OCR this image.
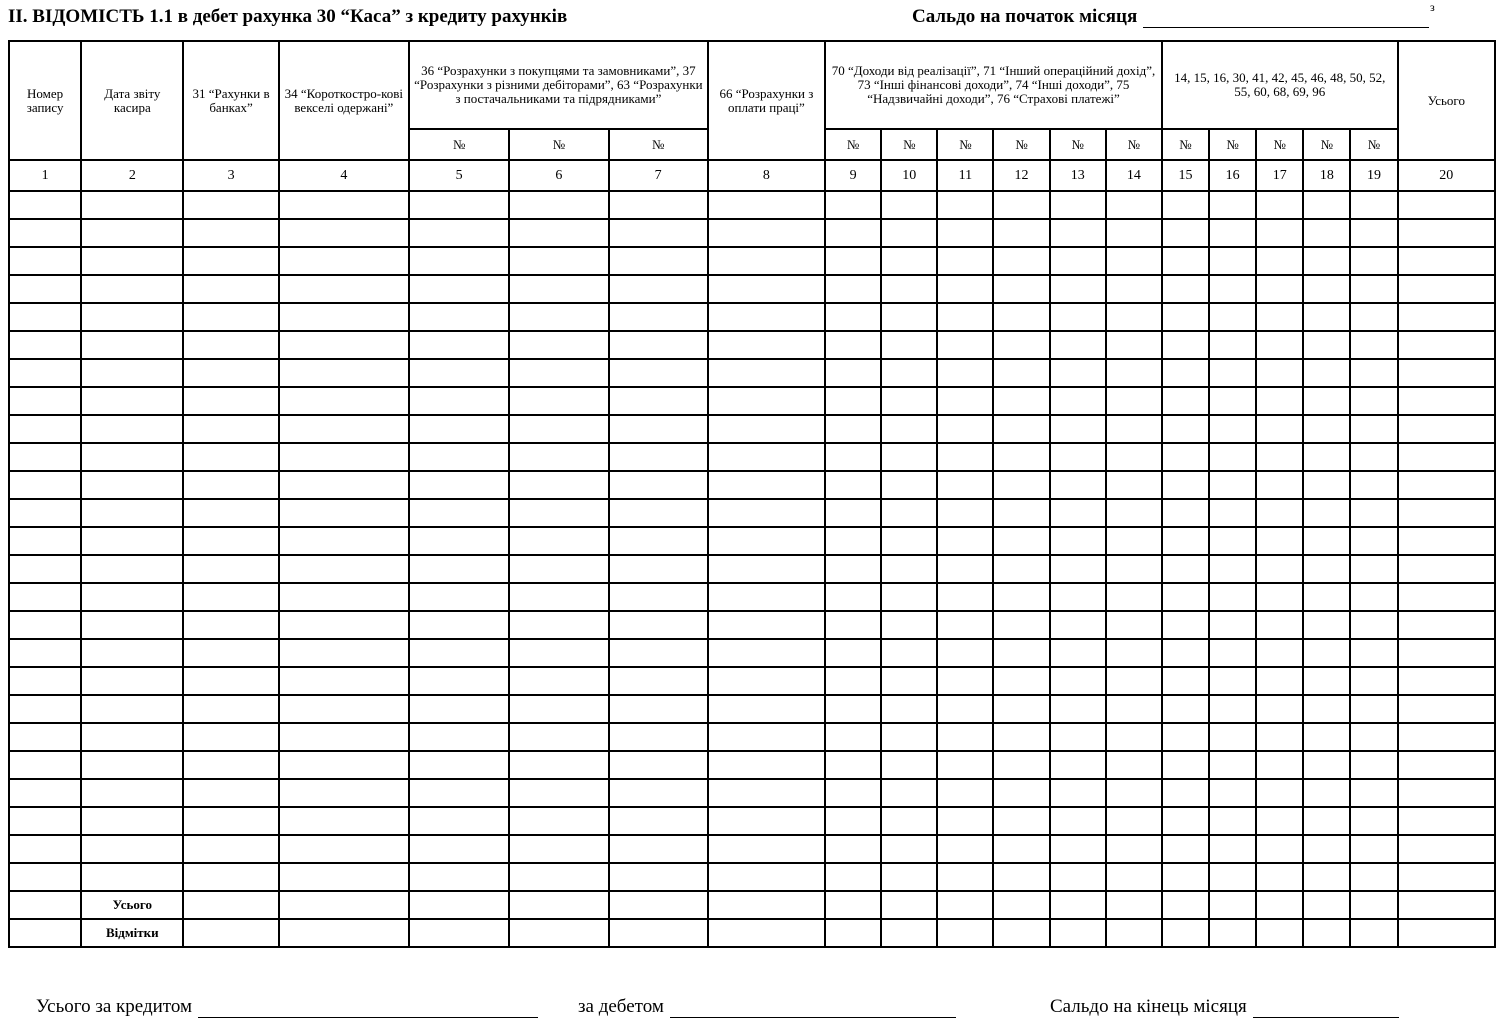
II. ВІДОМІСТЬ 1.1 в дебет рахунка 30 “Каса” з кредиту рахунків	Сальдо на початок місяця	з
Номер запису	Дата звіту касира	31 “Рахунки в банках”	34 “Короткостро-кові векселі одержані”	36 “Розрахунки з покупцями та замовниками”, 37 “Розрахунки з різними дебіторами”, 63 “Розрахунки з постачальниками та підрядниками”			66 “Розрахунки з оплати праці”	70 “Доходи від реалізації”, 71 “Інший операційний дохід”, 73 “Інші фінансові доходи”, 74 “Інші доходи”, 75 “Надзвичайні доходи”, 76 “Страхові платежі”						14, 15, 16, 30, 41, 42, 45, 46, 48, 50, 52, 55, 60, 68, 69, 96					Усього
				№	№	№		№	№	№	№	№	№	№	№	№	№	№	
1	2	3	4	5	6	7	8	9	10	11	12	13	14	15	16	17	18	19	20

	Усього																		
	Відмітки																		
Усього за кредитом	за дебетом	Сальдо на кінець місяця
